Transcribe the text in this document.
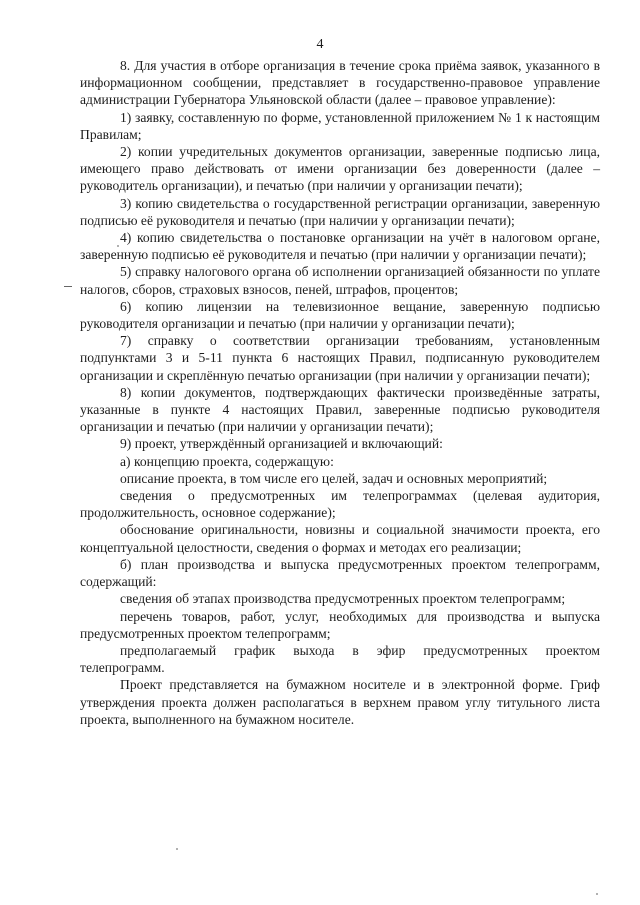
4

8. Для участия в отборе организация в течение срока приёма заявок, указанного в информационном сообщении, представляет в государственно-правовое управление администрации Губернатора Ульяновской области (далее – правовое управление):

1) заявку, составленную по форме, установленной приложением № 1 к настоящим Правилам;

2) копии учредительных документов организации, заверенные подписью лица, имеющего право действовать от имени организации без доверенности (далее – руководитель организации), и печатью (при наличии у организации печати);

3) копию свидетельства о государственной регистрации организации, заверенную подписью её руководителя и печатью (при наличии у организации печати);

4) копию свидетельства о постановке организации на учёт в налоговом органе, заверенную подписью её руководителя и печатью (при наличии у организации печати);

5) справку налогового органа об исполнении организацией обязанности по уплате налогов, сборов, страховых взносов, пеней, штрафов, процентов;

6) копию лицензии на телевизионное вещание, заверенную подписью руководителя организации и печатью (при наличии у организации печати);

7) справку о соответствии организации требованиям, установленным подпунктами 3 и 5-11 пункта 6 настоящих Правил, подписанную руководителем организации и скреплённую печатью организации (при наличии у организации печати);

8) копии документов, подтверждающих фактически произведённые затраты, указанные в пункте 4 настоящих Правил, заверенные подписью руководителя организации и печатью (при наличии у организации печати);

9) проект, утверждённый организацией и включающий:

а) концепцию проекта, содержащую:

описание проекта, в том числе его целей, задач и основных мероприятий;

сведения о предусмотренных им телепрограммах (целевая аудитория, продолжительность, основное содержание);

обоснование оригинальности, новизны и социальной значимости проекта, его концептуальной целостности, сведения о формах и методах его реализации;

б) план производства и выпуска предусмотренных проектом телепрограмм, содержащий:

сведения об этапах производства предусмотренных проектом телепрограмм;

перечень товаров, работ, услуг, необходимых для производства и выпуска предусмотренных проектом телепрограмм;

предполагаемый график выхода в эфир предусмотренных проектом телепрограмм.

Проект представляется на бумажном носителе и в электронной форме. Гриф утверждения проекта должен располагаться в верхнем правом углу титульного листа проекта, выполненного на бумажном носителе.
